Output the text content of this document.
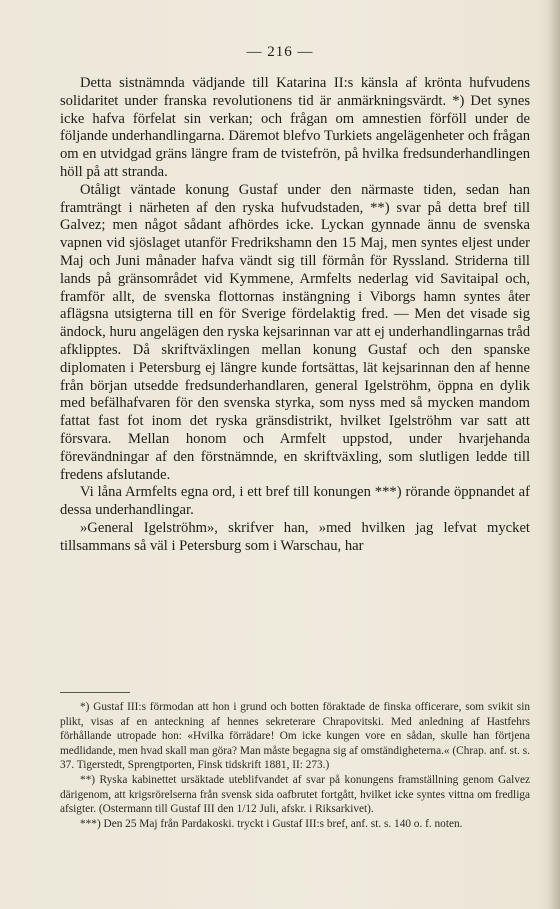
— 216 —

Detta sistnämnda vädjande till Katarina II:s känsla af krönta hufvudens solidaritet under franska revolutionens tid är anmärkningsvärdt. *) Det synes icke hafva förfelat sin verkan; och frågan om amnestien förföll under de följande underhandlingarna. Däremot blefvo Turkiets angelägenheter och frågan om en utvidgad gräns längre fram de tvistefrön, på hvilka fredsunderhandlingen höll på att stranda.

Otåligt väntade konung Gustaf under den närmaste tiden, sedan han framträngt i närheten af den ryska hufvudstaden, **) svar på detta bref till Galvez; men något sådant afhördes icke. Lyckan gynnade ännu de svenska vapnen vid sjöslaget utanför Fredrikshamn den 15 Maj, men syntes eljest under Maj och Juni månader hafva vändt sig till förmån för Ryssland. Striderna till lands på gränsområdet vid Kymmene, Armfelts nederlag vid Savitaipal och, framför allt, de svenska flottornas instängning i Viborgs hamn syntes åter aflägsna utsigterna till en för Sverige fördelaktig fred. — Men det visade sig ändock, huru angelägen den ryska kejsarinnan var att ej underhandlingarnas tråd afklipptes. Då skriftväxlingen mellan konung Gustaf och den spanske diplomaten i Petersburg ej längre kunde fortsättas, lät kejsarinnan den af henne från början utsedde fredsunderhandlaren, general Igelströhm, öppna en dylik med befälhafvaren för den svenska styrka, som nyss med så mycken mandom fattat fast fot inom det ryska gränsdistrikt, hvilket Igelströhm var satt att försvara. Mellan honom och Armfelt uppstod, under hvarjehanda förevändningar af den förstnämnde, en skriftväxling, som slutligen ledde till fredens afslutande.

Vi låna Armfelts egna ord, i ett bref till konungen ***) rörande öppnandet af dessa underhandlingar.

»General Igelströhm», skrifver han, »med hvilken jag lefvat mycket tillsammans så väl i Petersburg som i Warschau, har

*) Gustaf III:s förmodan att hon i grund och botten föraktade de finska officerare, som svikit sin plikt, visas af en anteckning af hennes sekreterare Chrapovitski. Med anledning af Hastfehrs förhållande utropade hon: «Hvilka förrädare! Om icke kungen vore en sådan, skulle han förtjena medlidande, men hvad skall man göra? Man måste begagna sig af omständigheterna.« (Chrap. anf. st. s. 37. Tigerstedt, Sprengtporten, Finsk tidskrift 1881, II: 273.)

**) Ryska kabinettet ursäktade uteblifvandet af svar på konungens framställning genom Galvez därigenom, att krigsrörelserna från svensk sida oafbrutet fortgått, hvilket icke syntes vittna om fredliga afsigter. (Ostermann till Gustaf III den 1/12 Juli, afskr. i Riksarkivet).

***) Den 25 Maj från Pardakoski. tryckt i Gustaf III:s bref, anf. st. s. 140 o. f. noten.
